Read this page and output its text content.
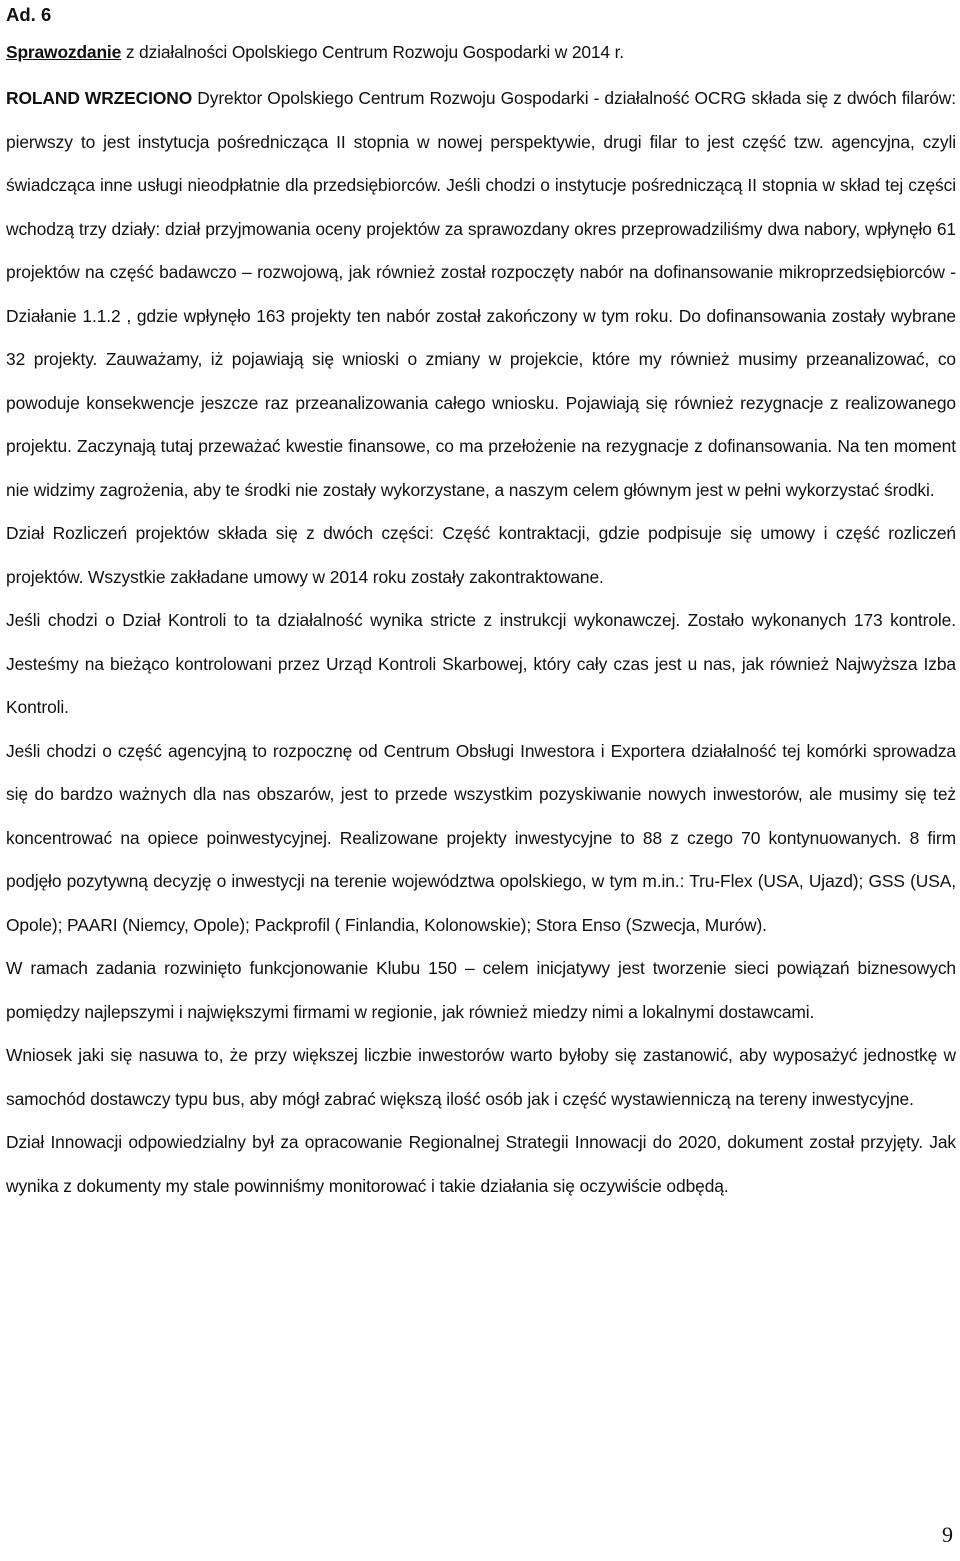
Ad. 6
Sprawozdanie z działalności Opolskiego Centrum Rozwoju Gospodarki w 2014 r.

ROLAND WRZECIONO Dyrektor Opolskiego Centrum Rozwoju Gospodarki - działalność OCRG składa się z dwóch filarów: pierwszy to jest instytucja pośrednicząca II stopnia w nowej perspektywie, drugi filar to jest część tzw. agencyjna, czyli świadcząca inne usługi nieodpłatnie dla przedsiębiorców. Jeśli chodzi o instytucje pośredniczącą II stopnia w skład tej części wchodzą trzy działy: dział przyjmowania oceny projektów za sprawozdany okres przeprowadziliśmy dwa nabory, wpłynęło 61 projektów na część badawczo – rozwojową, jak również został rozpoczęty nabór na dofinansowanie mikroprzedsiębiorców - Działanie 1.1.2 , gdzie wpłynęło 163 projekty ten nabór został zakończony w tym roku. Do dofinansowania zostały wybrane 32 projekty. Zauważamy, iż pojawiają się wnioski o zmiany w projekcie, które my również musimy przeanalizować, co powoduje konsekwencje jeszcze raz przeanalizowania całego wniosku. Pojawiają się również rezygnacje z realizowanego projektu. Zaczynają tutaj przeważać kwestie finansowe, co ma przełożenie na rezygnacje z dofinansowania. Na ten moment nie widzimy zagrożenia, aby te środki nie zostały wykorzystane, a naszym celem głównym jest w pełni wykorzystać środki.

Dział Rozliczeń projektów składa się z dwóch części: Część kontraktacji, gdzie podpisuje się umowy i część rozliczeń projektów. Wszystkie zakładane umowy w 2014 roku zostały zakontraktowane.

Jeśli chodzi o Dział Kontroli to ta działalność wynika stricte z instrukcji wykonawczej. Zostało wykonanych 173 kontrole. Jesteśmy na bieżąco kontrolowani przez Urząd Kontroli Skarbowej, który cały czas jest u nas, jak również Najwyższa Izba Kontroli.

Jeśli chodzi o część agencyjną to rozpocznę od Centrum Obsługi Inwestora i Exportera działalność tej komórki sprowadza się do bardzo ważnych dla nas obszarów, jest to przede wszystkim pozyskiwanie nowych inwestorów, ale musimy się też koncentrować na opiece poinwestycyjnej. Realizowane projekty inwestycyjne to 88 z czego 70 kontynuowanych. 8 firm podjęło pozytywną decyzję o inwestycji na terenie województwa opolskiego, w tym m.in.: Tru-Flex (USA, Ujazd); GSS (USA, Opole); PAARI (Niemcy, Opole); Packprofil ( Finlandia, Kolonowskie); Stora Enso (Szwecja, Murów).

W ramach zadania rozwinięto funkcjonowanie Klubu 150 – celem inicjatywy jest tworzenie sieci powiązań biznesowych pomiędzy najlepszymi i największymi firmami w regionie, jak również miedzy nimi a lokalnymi dostawcami.

Wniosek jaki się nasuwa to, że przy większej liczbie inwestorów warto byłoby się zastanowić, aby wyposażyć jednostkę w samochód dostawczy typu bus, aby mógł zabrać większą ilość osób jak i część wystawienniczą na tereny inwestycyjne.

Dział Innowacji odpowiedzialny był za opracowanie Regionalnej Strategii Innowacji do 2020, dokument został przyjęty. Jak wynika z dokumenty my stale powinniśmy monitorować i takie działania się oczywiście odbędą.

9
